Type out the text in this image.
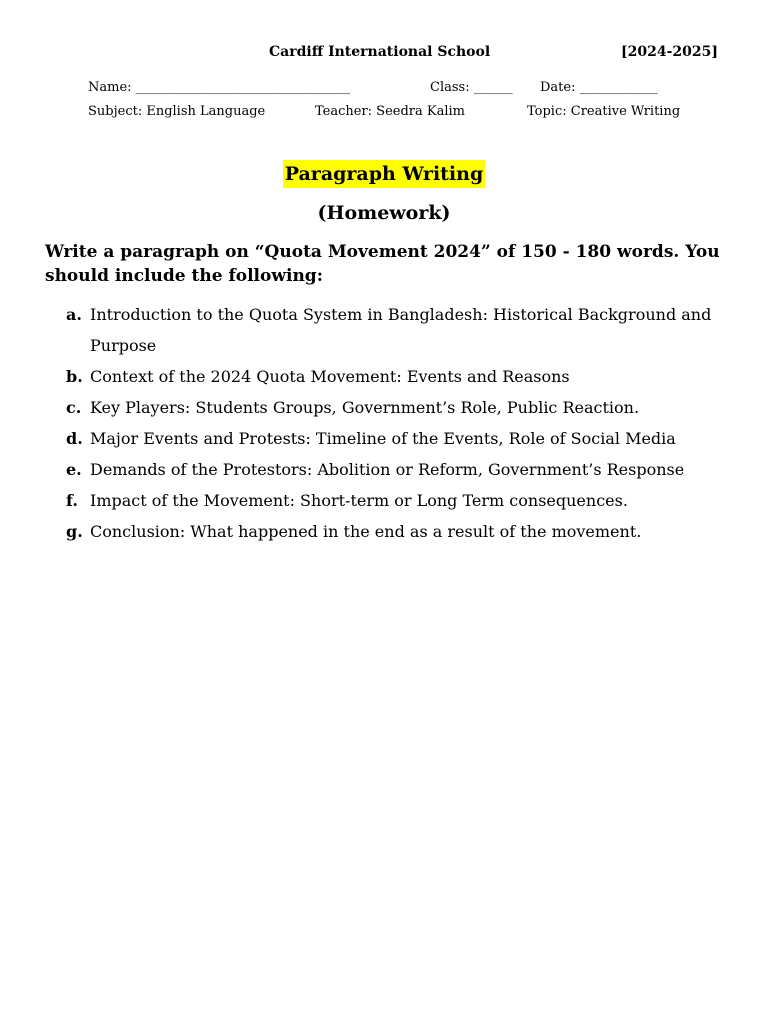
Cardiff International School	[2024-2025]
Name: _________________________________	Class: ______ Date: ____________
Subject: English Language	Teacher: Seedra Kalim	Topic: Creative Writing
Paragraph Writing
(Homework)
Write a paragraph on “Quota Movement 2024” of 150 - 180 words. You should include the following:
a. Introduction to the Quota System in Bangladesh: Historical Background and Purpose
b. Context of the 2024 Quota Movement: Events and Reasons
c. Key Players: Students Groups, Government’s Role, Public Reaction.
d. Major Events and Protests: Timeline of the Events, Role of Social Media
e. Demands of the Protestors: Abolition or Reform, Government’s Response
f. Impact of the Movement: Short-term or Long Term consequences.
g. Conclusion: What happened in the end as a result of the movement.
